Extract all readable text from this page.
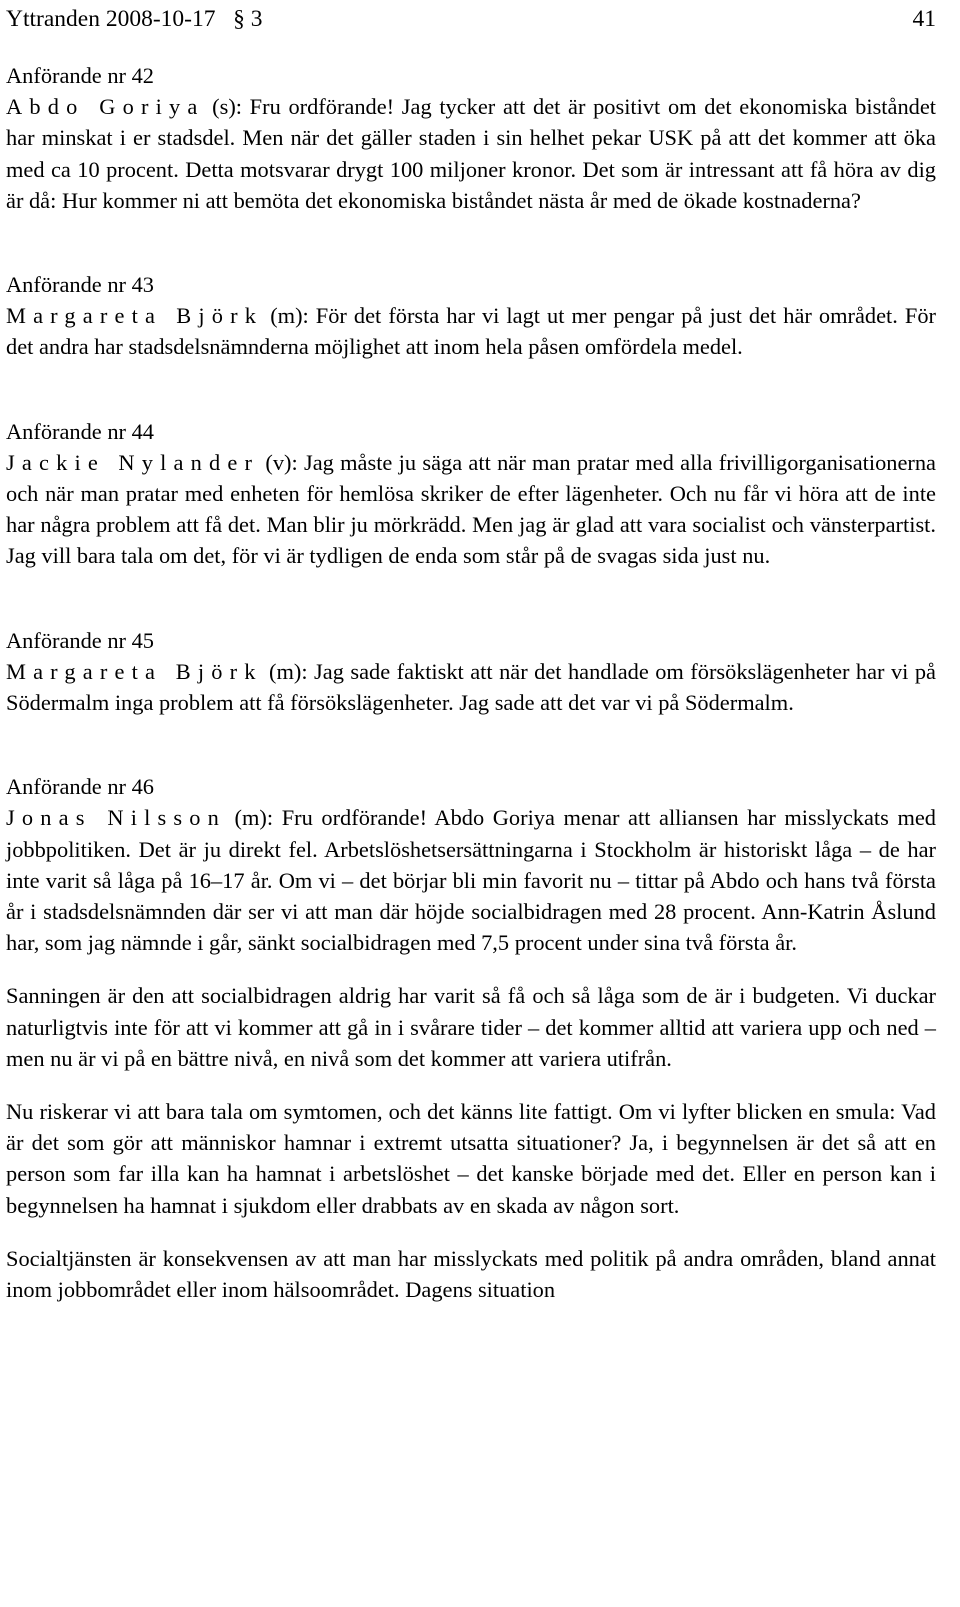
Yttranden 2008-10-17 § 3	41
Anförande nr 42

Abdo Goriya (s): Fru ordförande! Jag tycker att det är positivt om det ekonomiska biståndet har minskat i er stadsdel. Men när det gäller staden i sin helhet pekar USK på att det kommer att öka med ca 10 procent. Detta motsvarar drygt 100 miljoner kronor. Det som är intressant att få höra av dig är då: Hur kommer ni att bemöta det ekonomiska biståndet nästa år med de ökade kostnaderna?

Anförande nr 43

Margareta Björk (m): För det första har vi lagt ut mer pengar på just det här området. För det andra har stadsdelsnämnderna möjlighet att inom hela påsen omfördela medel.

Anförande nr 44

Jackie Nylander (v): Jag måste ju säga att när man pratar med alla frivilligorganisationerna och när man pratar med enheten för hemlösa skriker de efter lägenheter. Och nu får vi höra att de inte har några problem att få det. Man blir ju mörkrädd. Men jag är glad att vara socialist och vänsterpartist. Jag vill bara tala om det, för vi är tydligen de enda som står på de svagas sida just nu.

Anförande nr 45

Margareta Björk (m): Jag sade faktiskt att när det handlade om försökslägenheter har vi på Södermalm inga problem att få försökslägenheter. Jag sade att det var vi på Södermalm.

Anförande nr 46

Jonas Nilsson (m): Fru ordförande! Abdo Goriya menar att alliansen har misslyckats med jobbpolitiken. Det är ju direkt fel. Arbetslöshetsersättningarna i Stockholm är historiskt låga – de har inte varit så låga på 16–17 år. Om vi – det börjar bli min favorit nu – tittar på Abdo och hans två första år i stadsdelsnämnden där ser vi att man där höjde socialbidragen med 28 procent. Ann-Katrin Åslund har, som jag nämnde i går, sänkt socialbidragen med 7,5 procent under sina två första år.

Sanningen är den att socialbidragen aldrig har varit så få och så låga som de är i budgeten. Vi duckar naturligtvis inte för att vi kommer att gå in i svårare tider – det kommer alltid att variera upp och ned – men nu är vi på en bättre nivå, en nivå som det kommer att variera utifrån.

Nu riskerar vi att bara tala om symtomen, och det känns lite fattigt. Om vi lyfter blicken en smula: Vad är det som gör att människor hamnar i extremt utsatta situationer? Ja, i begynnelsen är det så att en person som far illa kan ha hamnat i arbetslöshet – det kanske började med det. Eller en person kan i begynnelsen ha hamnat i sjukdom eller drabbats av en skada av någon sort.

Socialtjänsten är konsekvensen av att man har misslyckats med politik på andra områden, bland annat inom jobbområdet eller inom hälsoområdet. Dagens situation
